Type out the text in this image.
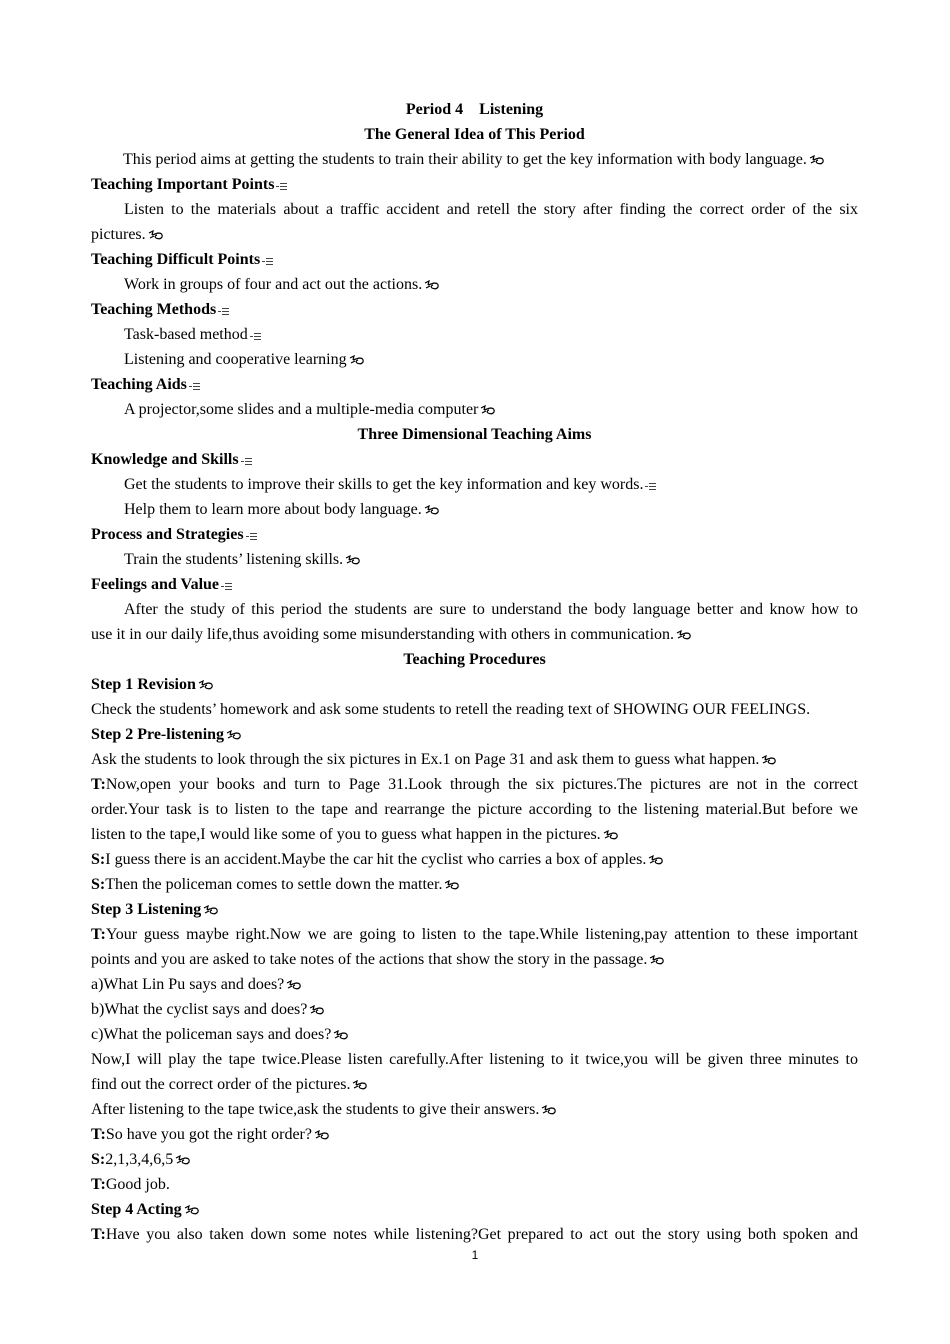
Period 4    Listening
The General Idea of This Period
This period aims at getting the students to train their ability to get the key information with body language.
Teaching Important Points
Listen to the materials about a traffic accident and retell the story after finding the correct order of the six
pictures.
Teaching Difficult Points
Work in groups of four and act out the actions.
Teaching Methods
Task-based method
Listening and cooperative learning
Teaching Aids
A projector,some slides and a multiple-media computer
Three Dimensional Teaching Aims
Knowledge and Skills
Get the students to improve their skills to get the key information and key words.
Help them to learn more about body language.
Process and Strategies
Train the students’ listening skills.
Feelings and Value
After the study of this period the students are sure to understand the body language better and know how to
use it in our daily life,thus avoiding some misunderstanding with others in communication.
Teaching Procedures
Step 1 Revision
Check the students’ homework and ask some students to retell the reading text of SHOWING OUR FEELINGS.
Step 2 Pre-listening
Ask the students to look through the six pictures in Ex.1 on Page 31 and ask them to guess what happen.
T:Now,open your books and turn to Page 31.Look through the six pictures.The pictures are not in the correct
order.Your task is to listen to the tape and rearrange the picture according to the listening material.But before we
listen to the tape,I would like some of you to guess what happen in the pictures.
S:I guess there is an accident.Maybe the car hit the cyclist who carries a box of apples.
S:Then the policeman comes to settle down the matter.
Step 3 Listening
T:Your guess maybe right.Now we are going to listen to the tape.While listening,pay attention to these important
points and you are asked to take notes of the actions that show the story in the passage.
a)What Lin Pu says and does?
b)What the cyclist says and does?
c)What the policeman says and does?
Now,I will play the tape twice.Please listen carefully.After listening to it twice,you will be given three minutes to
find out the correct order of the pictures.
After listening to the tape twice,ask the students to give their answers.
T:So have you got the right order?
S:2,1,3,4,6,5
T:Good job.
Step 4 Acting
T:Have you also taken down some notes while listening?Get prepared to act out the story using both spoken and
1
